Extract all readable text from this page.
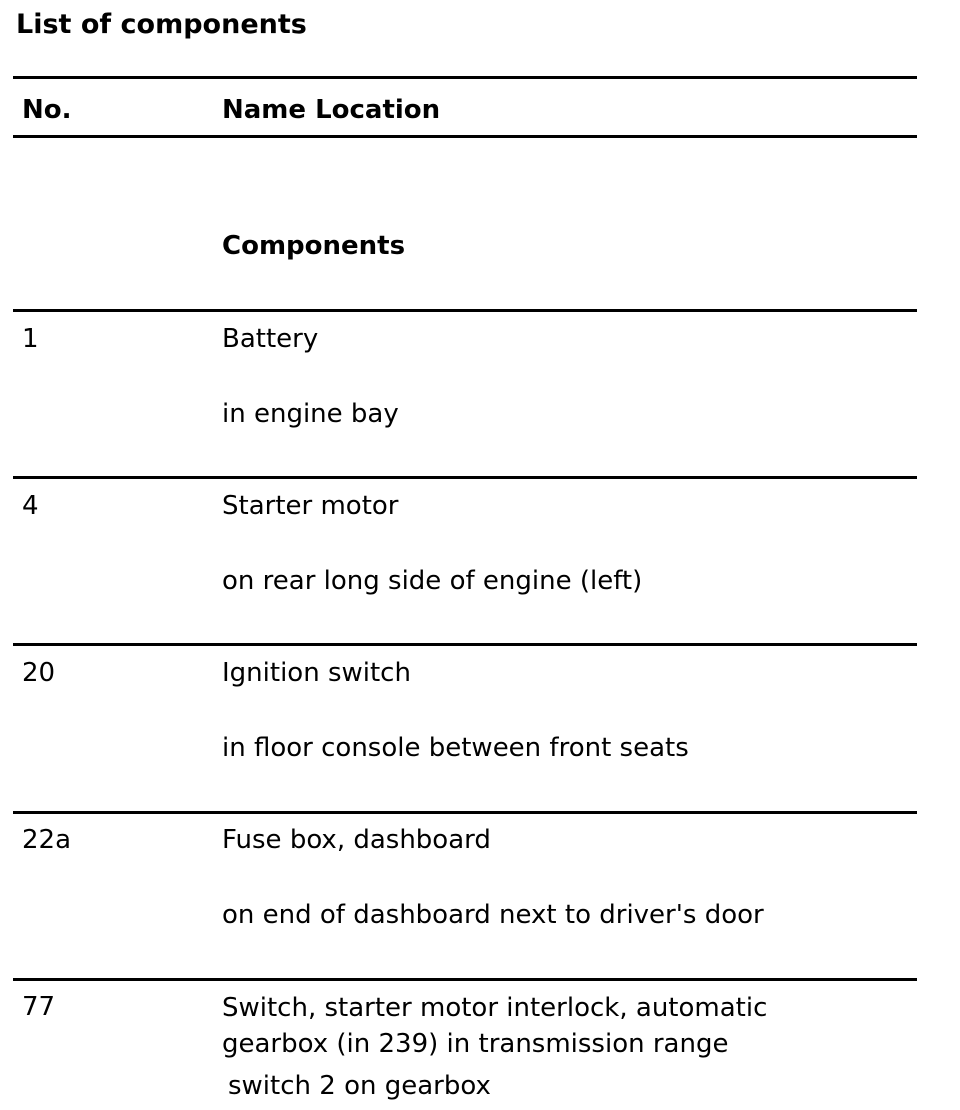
List of components
No.	Name Location
Components
1	Battery
in engine bay
4	Starter motor
on rear long side of engine (left)
20	Ignition switch
in floor console between front seats
22a	Fuse box, dashboard
on end of dashboard next to driver's door
77	Switch, starter motor interlock, automatic gearbox (in 239) in transmission range
switch 2 on gearbox
